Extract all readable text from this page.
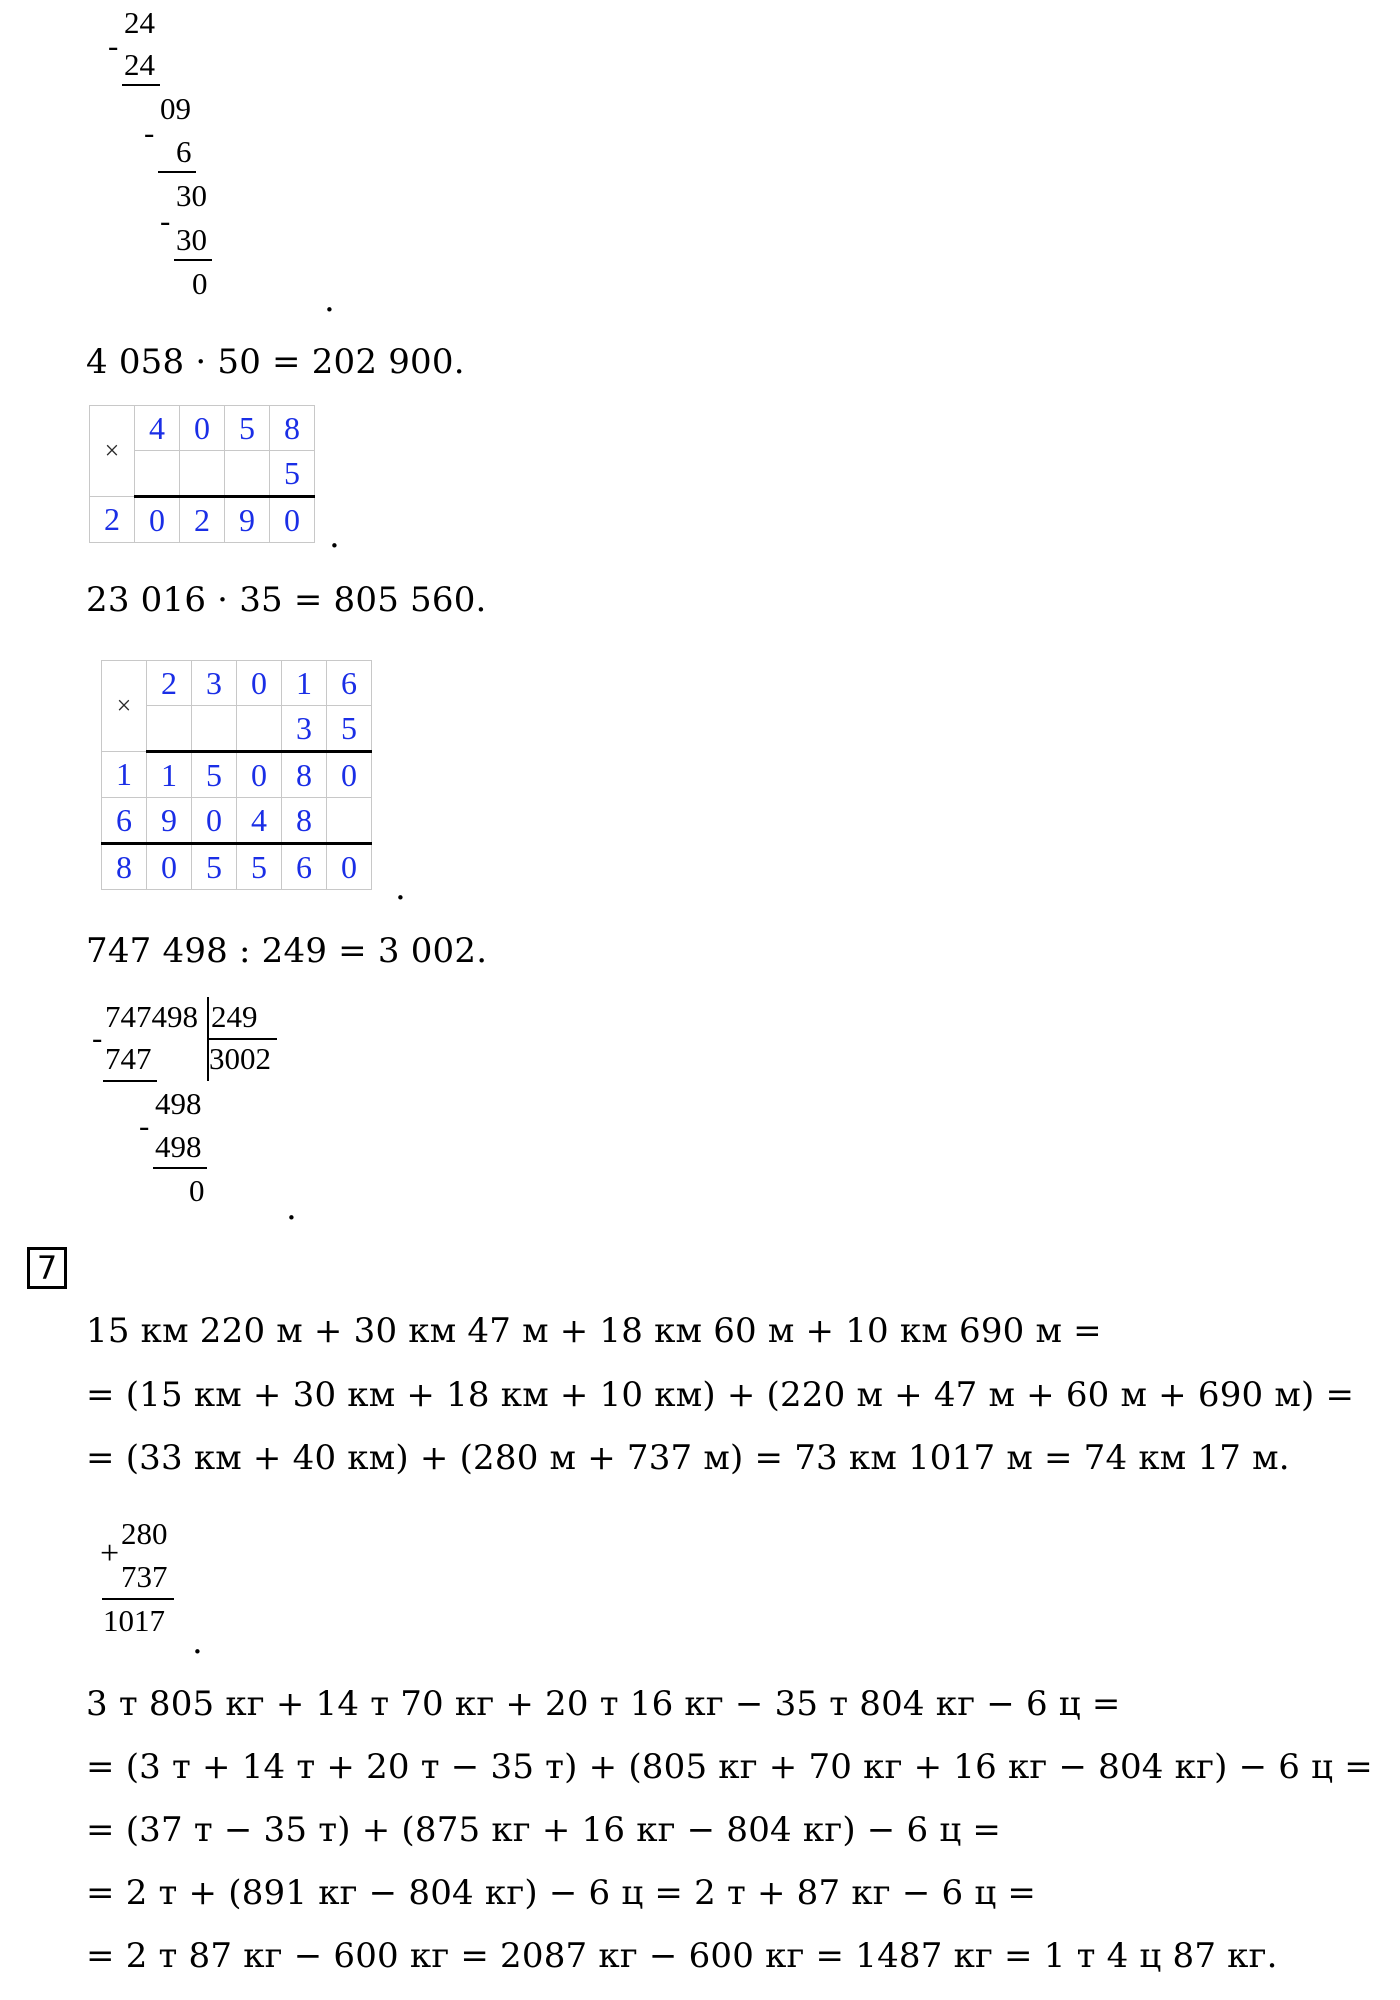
24
-
24
09
-
6
30
-
30
0	.
4 058 · 50 = 202 900.
×	4	0	5	8
				5
2	0	2	9	0 .
23 016 · 35 = 805 560.
×	2	3	0	1	6
				3	5
1	1	5	0	8	0
6	9	0	4	8	
8	0	5	5	6	0
.
747 498 : 249 = 3 002.
747498 249
3002
-
747
498
-
498
0 .
7
15 км 220 м + 30 км 47 м + 18 км 60 м + 10 км 690 м =
= (15 км + 30 км + 18 км + 10 км) + (220 м + 47 м + 60 м + 690 м) =
= (33 км + 40 км) + (280 м + 737 м) = 73 км 1017 м = 74 км 17 м.
+
280
737
1017
.
3 т 805 кг + 14 т 70 кг + 20 т 16 кг − 35 т 804 кг − 6 ц =
= (3 т + 14 т + 20 т − 35 т) + (805 кг + 70 кг + 16 кг − 804 кг) − 6 ц =
= (37 т − 35 т) + (875 кг + 16 кг − 804 кг) − 6 ц =
= 2 т + (891 кг − 804 кг) − 6 ц = 2 т + 87 кг − 6 ц =
= 2 т 87 кг − 600 кг = 2087 кг − 600 кг = 1487 кг = 1 т 4 ц 87 кг.
